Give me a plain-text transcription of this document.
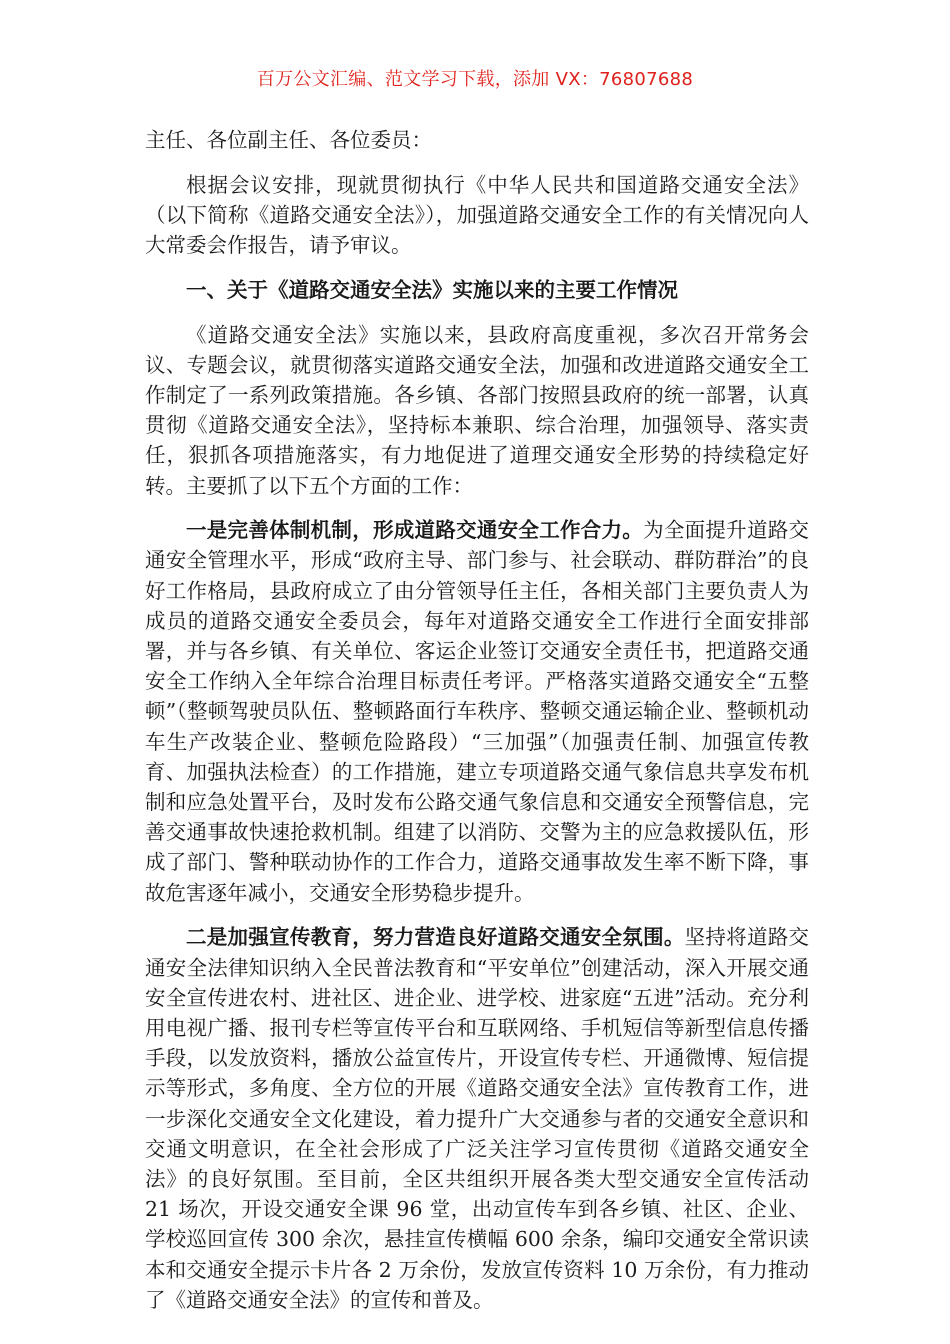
百万公文汇编、范文学习下载，添加 VX：76807688

主任、各位副主任、各位委员：

根据会议安排，现就贯彻执行《中华人民共和国道路交通安全法》（以下简称《道路交通安全法》），加强道路交通安全工作的有关情况向人大常委会作报告，请予审议。

一、关于《道路交通安全法》实施以来的主要工作情况

《道路交通安全法》实施以来，县政府高度重视，多次召开常务会议、专题会议，就贯彻落实道路交通安全法，加强和改进道路交通安全工作制定了一系列政策措施。各乡镇、各部门按照县政府的统一部署，认真贯彻《道路交通安全法》，坚持标本兼职、综合治理，加强领导、落实责任，狠抓各项措施落实，有力地促进了道理交通安全形势的持续稳定好转。主要抓了以下五个方面的工作：

一是完善体制机制，形成道路交通安全工作合力。为全面提升道路交通安全管理水平，形成“政府主导、部门参与、社会联动、群防群治”的良好工作格局，县政府成立了由分管领导任主任，各相关部门主要负责人为成员的道路交通安全委员会，每年对道路交通安全工作进行全面安排部署，并与各乡镇、有关单位、客运企业签订交通安全责任书，把道路交通安全工作纳入全年综合治理目标责任考评。严格落实道路交通安全“五整顿”（整顿驾驶员队伍、整顿路面行车秩序、整顿交通运输企业、整顿机动车生产改装企业、整顿危险路段）“三加强”（加强责任制、加强宣传教育、加强执法检查）的工作措施，建立专项道路交通气象信息共享发布机制和应急处置平台，及时发布公路交通气象信息和交通安全预警信息，完善交通事故快速抢救机制。组建了以消防、交警为主的应急救援队伍，形成了部门、警种联动协作的工作合力，道路交通事故发生率不断下降，事故危害逐年减小，交通安全形势稳步提升。

二是加强宣传教育，努力营造良好道路交通安全氛围。坚持将道路交通安全法律知识纳入全民普法教育和“平安单位”创建活动，深入开展交通安全宣传进农村、进社区、进企业、进学校、进家庭“五进”活动。充分利用电视广播、报刊专栏等宣传平台和互联网络、手机短信等新型信息传播手段，以发放资料，播放公益宣传片，开设宣传专栏、开通微博、短信提示等形式，多角度、全方位的开展《道路交通安全法》宣传教育工作，进一步深化交通安全文化建设，着力提升广大交通参与者的交通安全意识和交通文明意识，在全社会形成了广泛关注学习宣传贯彻《道路交通安全法》的良好氛围。至目前，全区共组织开展各类大型交通安全宣传活动 21 场次，开设交通安全课 96 堂，出动宣传车到各乡镇、社区、企业、学校巡回宣传 300 余次，悬挂宣传横幅 600 余条，编印交通安全常识读本和交通安全提示卡片各 2 万余份，发放宣传资料 10 万余份，有力推动了《道路交通安全法》的宣传和普及。
